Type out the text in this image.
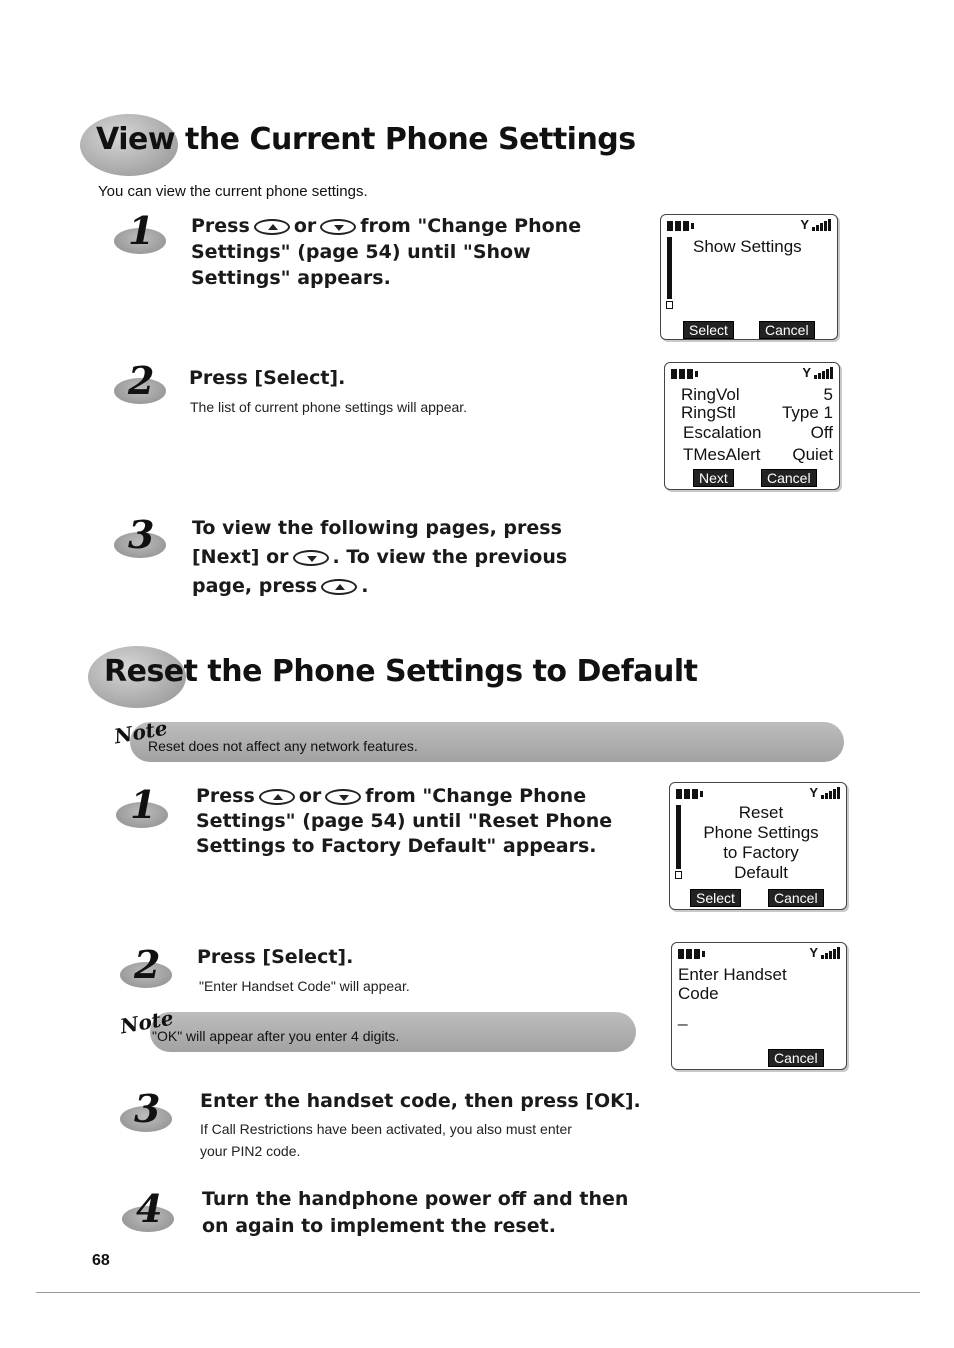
View the Current Phone Settings
You can view the current phone settings.
1 Press or from "Change Phone
Settings" (page 54) until "Show
Settings" appears.
Y
Show Settings
Select	Cancel
2 Press [Select].
The list of current phone settings will appear.
Y
RingVol	5
RingStl	Type 1
Escalation	Off
TMesAlert Quiet
Next	Cancel
3 To view the following pages, press
[Next] or . To view the previous
page, press .
Reset the Phone Settings to Default
Note
Reset does not affect any network features.
1 Press or from "Change Phone
Settings" (page 54) until "Reset Phone
Settings to Factory Default" appears.
Y
Reset
Phone Settings
to Factory
Default
Select	Cancel
2 Press [Select].
"Enter Handset Code" will appear.
Note
"OK" will appear after you enter 4 digits.
Y
Enter Handset
Code
_
Cancel
3 Enter the handset code, then press [OK].
If Call Restrictions have been activated, you also must enter
your PIN2 code.
4 Turn the handphone power off and then
on again to implement the reset.
68
